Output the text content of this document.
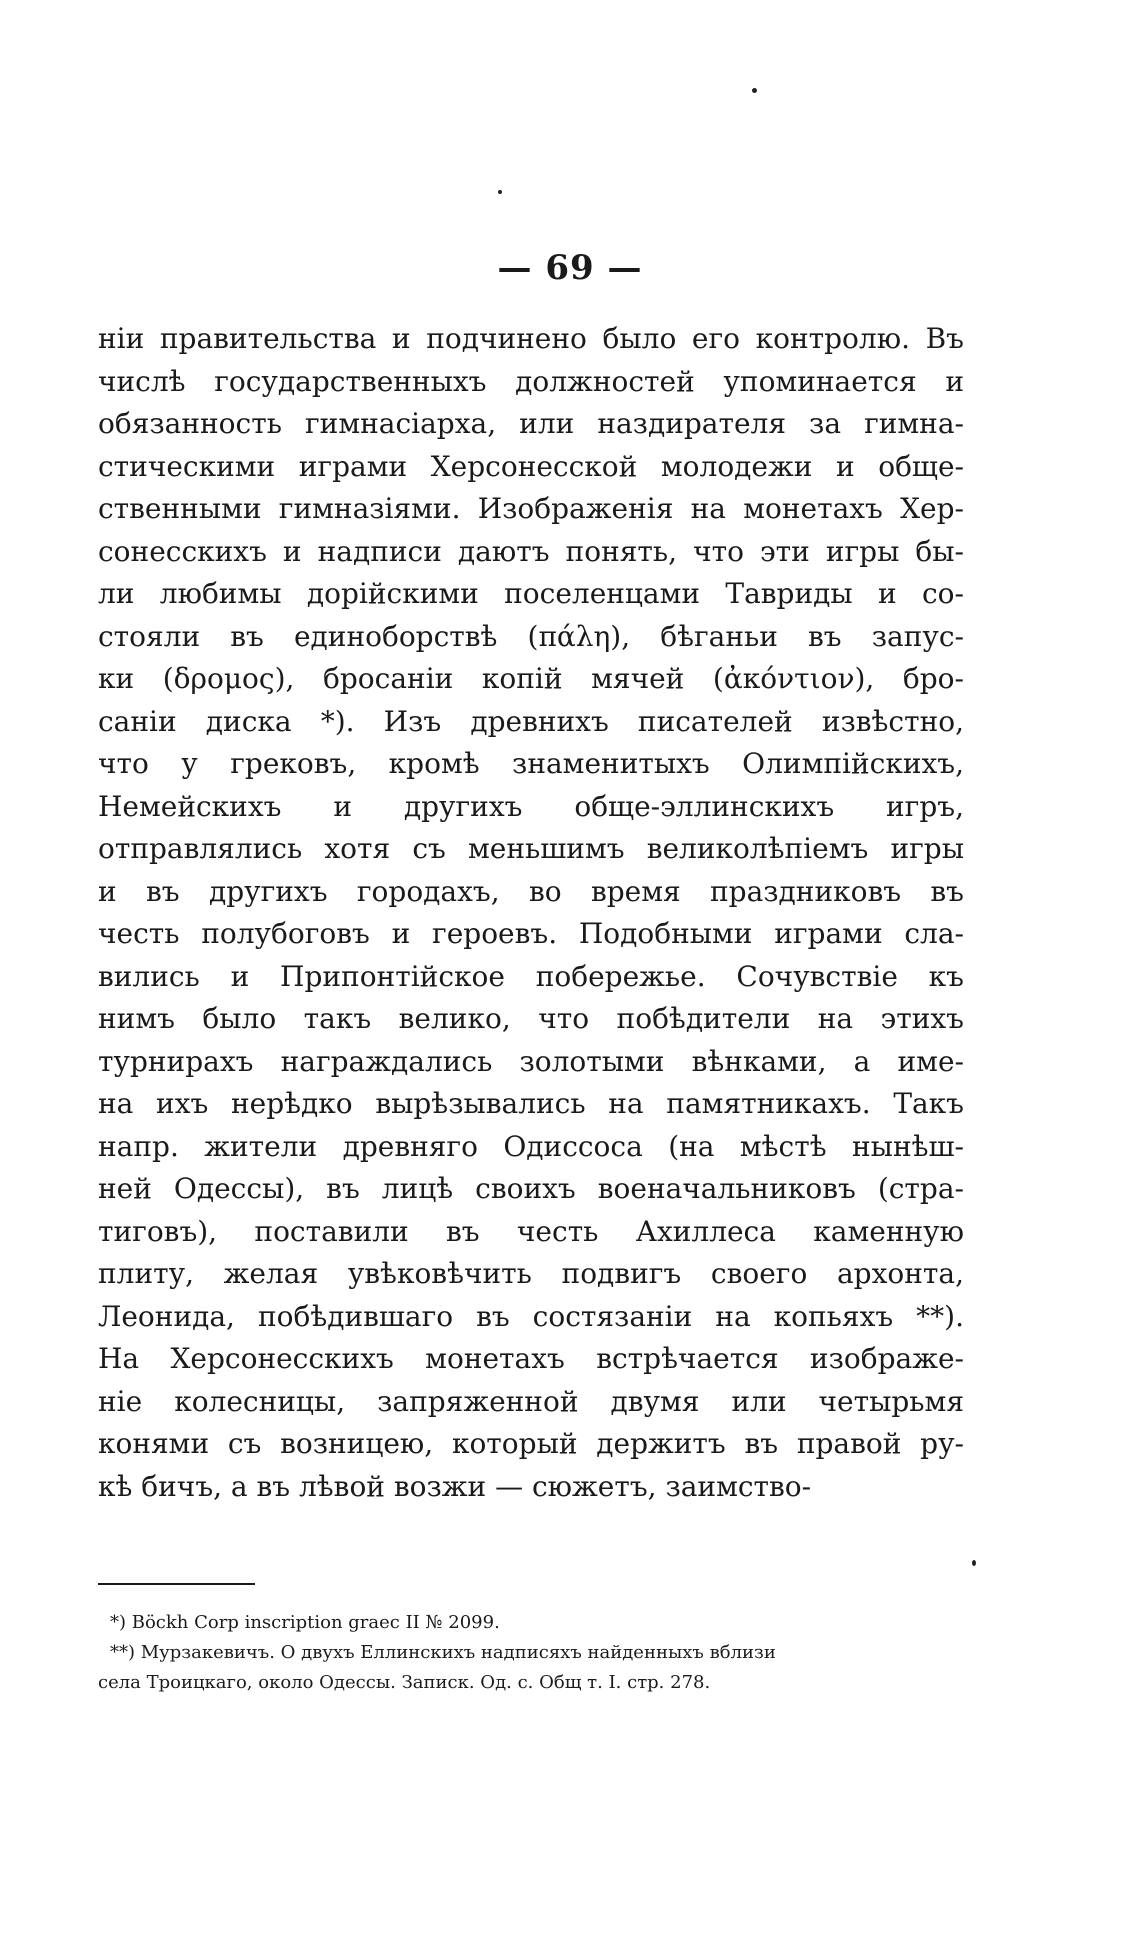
— 69 —
нiи правительства и подчинено было его контролю. Въ
числѣ государственныхъ должностей упоминается и
обязанность гимнасiарха, или наздирателя за гимна-
стическими играми Херсонесской молодежи и обще-
ственными гимназiями. Изображенiя на монетахъ Хер-
сонесскихъ и надписи даютъ понять, что эти игры бы-
ли любимы дорiйскими поселенцами Тавриды и со-
стояли въ единоборствѣ (πάλη), бѣганьи въ запус-
ки (δρομος), бросанiи копiй мячей (ἀκόντιον), бро-
санiи диска *). Изъ древнихъ писателей извѣстно,
что у грековъ, кромѣ знаменитыхъ Олимпiйскихъ,
Немейскихъ и другихъ обще-эллинскихъ игръ,
отправлялись хотя съ меньшимъ великолѣпiемъ игры
и въ другихъ городахъ, во время праздниковъ въ
честь полубоговъ и героевъ. Подобными играми сла-
вились и Припонтiйское побережье. Сочувствiе къ
нимъ было такъ велико, что побѣдители на этихъ
турнирахъ награждались золотыми вѣнками, а име-
на ихъ нерѣдко вырѣзывались на памятникахъ. Такъ
напр. жители древняго Одиссоса (на мѣстѣ нынѣш-
ней Одессы), въ лицѣ своихъ военачальниковъ (стра-
тиговъ), поставили въ честь Ахиллеса каменную
плиту, желая увѣковѣчить подвигъ своего архонта,
Леонида, побѣдившаго въ состязанiи на копьяхъ **).
На Херсонесскихъ монетахъ встрѣчается изображе-
нiе колесницы, запряженной двумя или четырьмя
конями съ возницею, который держитъ въ правой ру-
кѣ бичъ, а въ лѣвой возжи — сюжетъ, заимство-
*) Böckh Corp inscription graec II № 2099.
**) Мурзакевичъ. О двухъ Еллинскихъ надписяхъ найденныхъ вблизи
села Троицкаго, около Одессы. Записк. Од. с. Общ т. I. стр. 278.
